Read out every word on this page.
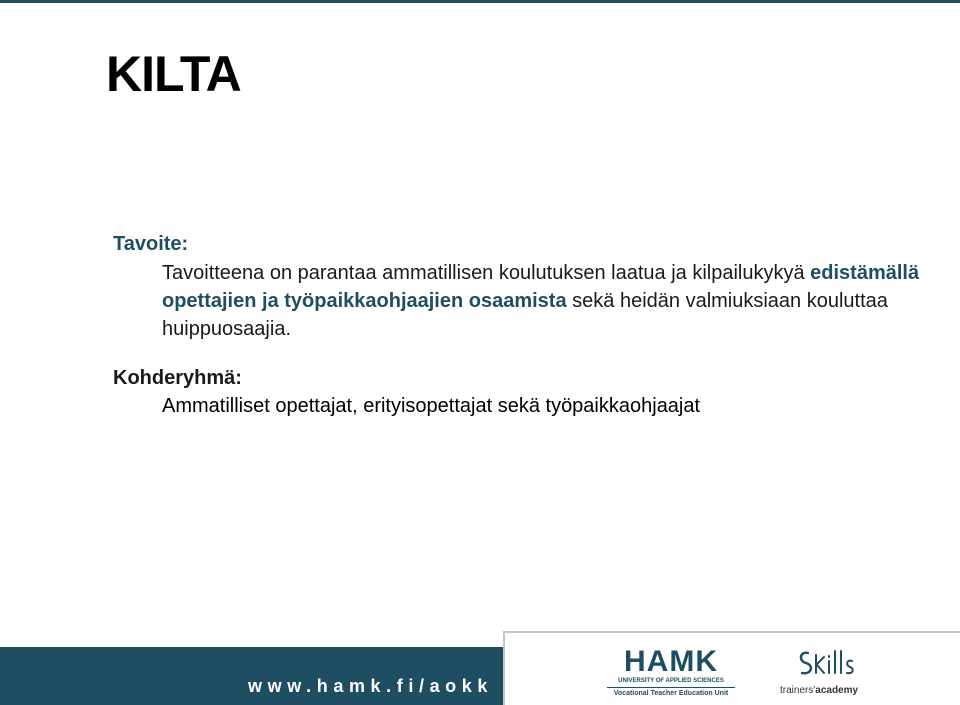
KILTA
Tavoite:

Tavoitteena on parantaa ammatillisen koulutuksen laatua ja kilpailukykyä edistämällä opettajien ja työpaikkaohjaajien osaamista sekä heidän valmiuksiaan kouluttaa huippuosaajia.

Kohderyhmä:
Ammatilliset opettajat, erityisopettajat sekä työpaikkaohjaajat
www.hamk.fi/aokk
HAMK
UNIVERSITY OF APPLIED SCIENCES
Vocational Teacher Education Unit	trainers'academy
